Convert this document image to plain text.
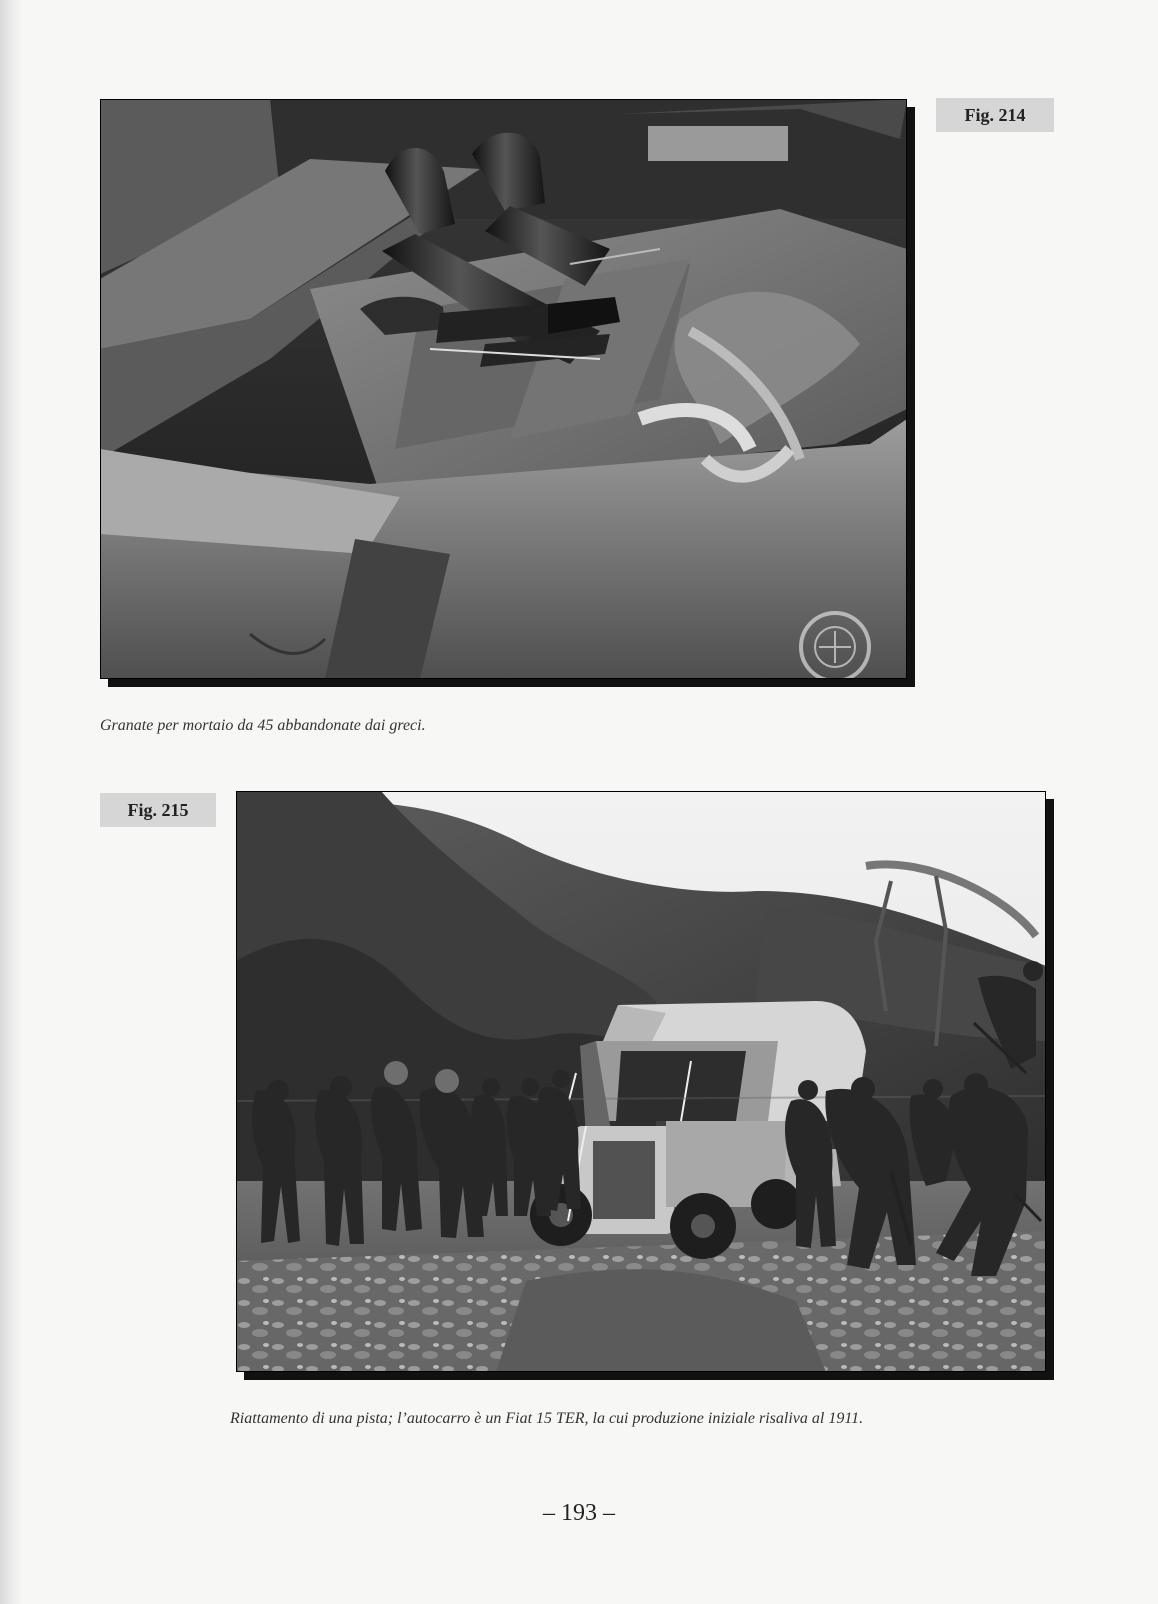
Fig. 214
Granate per mortaio da 45 abbandonate dai greci.
Fig. 215
Riattamento di una pista; l’autocarro è un Fiat 15 TER, la cui produzione iniziale risaliva al 1911.
– 193 –
